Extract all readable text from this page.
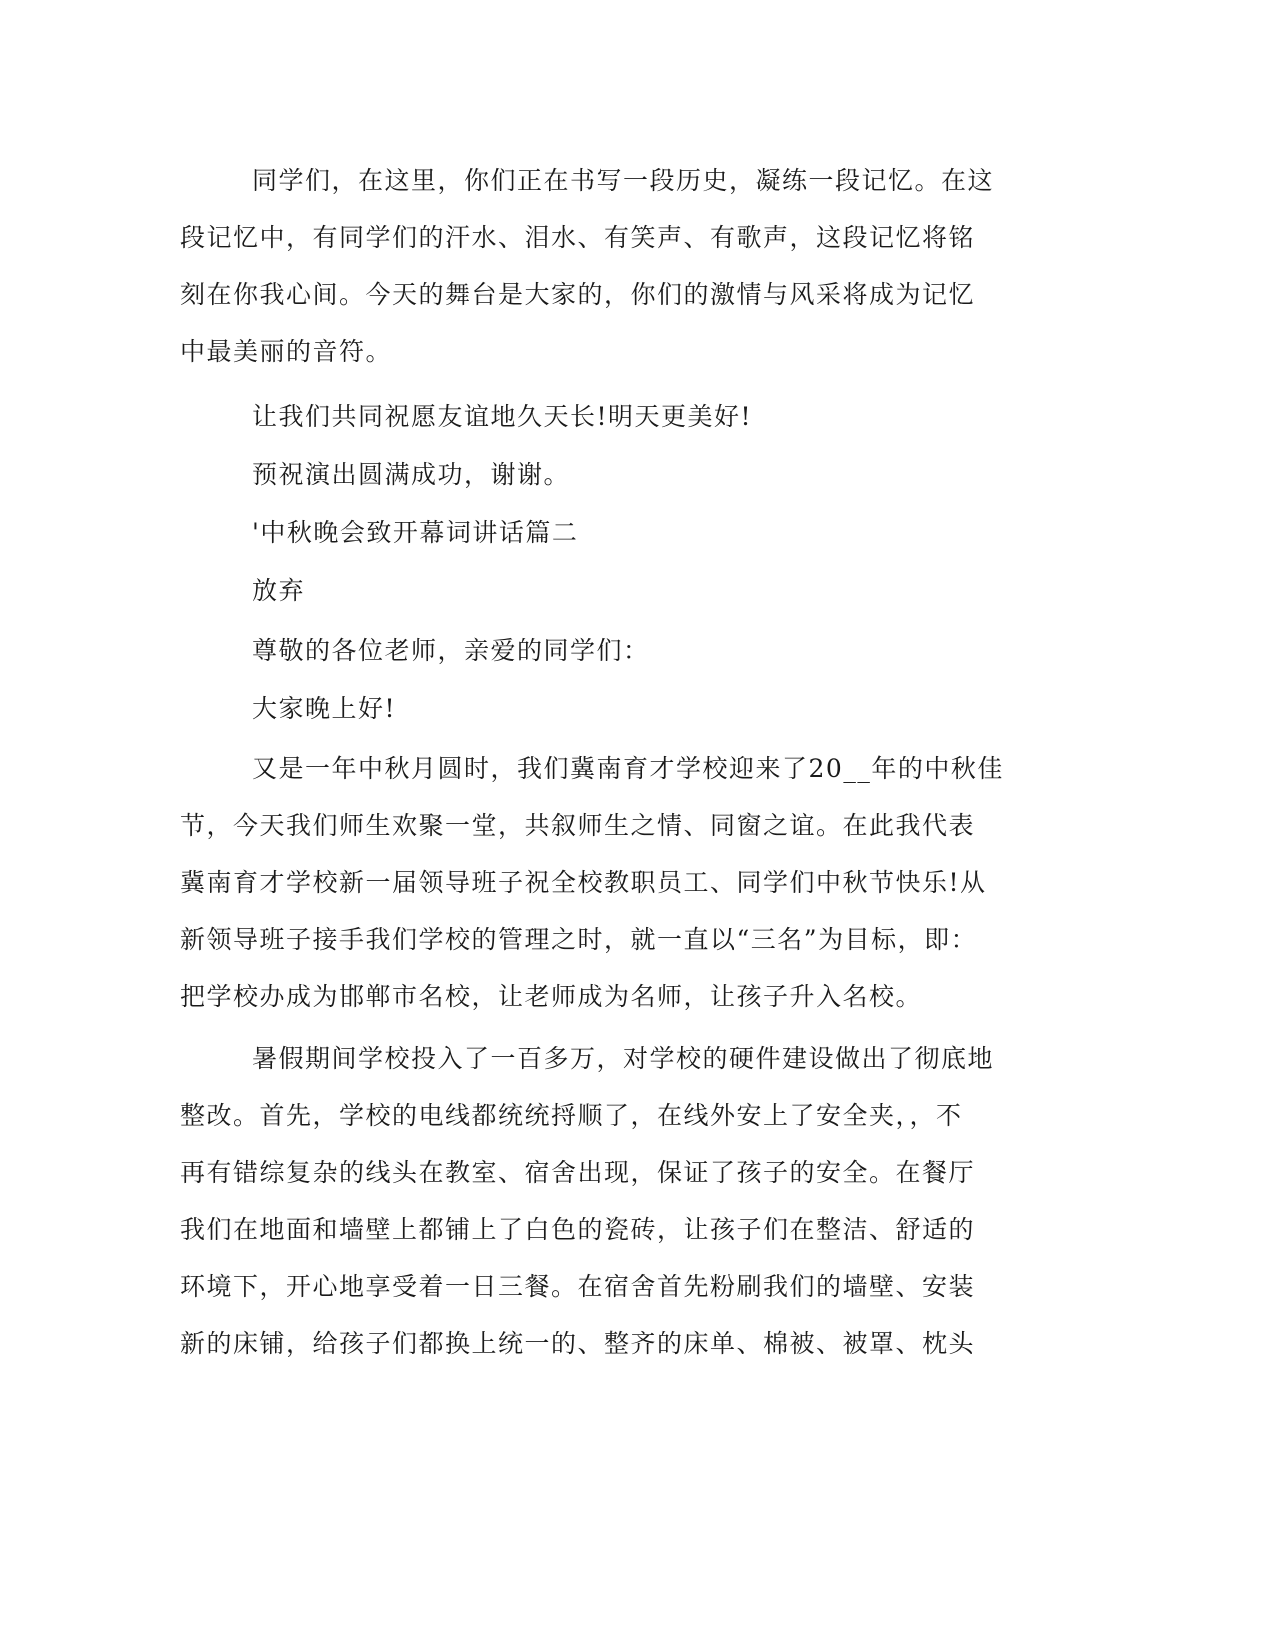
同学们，在这里，你们正在书写一段历史，凝练一段记忆。在这
段记忆中，有同学们的汗水、泪水、有笑声、有歌声，这段记忆将铭
刻在你我心间。今天的舞台是大家的，你们的激情与风采将成为记忆
中最美丽的音符。
让我们共同祝愿友谊地久天长!明天更美好!
预祝演出圆满成功，谢谢。
'中秋晚会致开幕词讲话篇二
放弃
尊敬的各位老师，亲爱的同学们：
大家晚上好!
又是一年中秋月圆时，我们冀南育才学校迎来了20__年的中秋佳
节，今天我们师生欢聚一堂，共叙师生之情、同窗之谊。在此我代表
冀南育才学校新一届领导班子祝全校教职员工、同学们中秋节快乐!从
新领导班子接手我们学校的管理之时，就一直以“三名”为目标，即：
把学校办成为邯郸市名校，让老师成为名师，让孩子升入名校。
暑假期间学校投入了一百多万，对学校的硬件建设做出了彻底地
整改。首先，学校的电线都统统捋顺了，在线外安上了安全夹，，不
再有错综复杂的线头在教室、宿舍出现，保证了孩子的安全。在餐厅
我们在地面和墙壁上都铺上了白色的瓷砖，让孩子们在整洁、舒适的
环境下，开心地享受着一日三餐。在宿舍首先粉刷我们的墙壁、安装
新的床铺，给孩子们都换上统一的、整齐的床单、棉被、被罩、枕头
